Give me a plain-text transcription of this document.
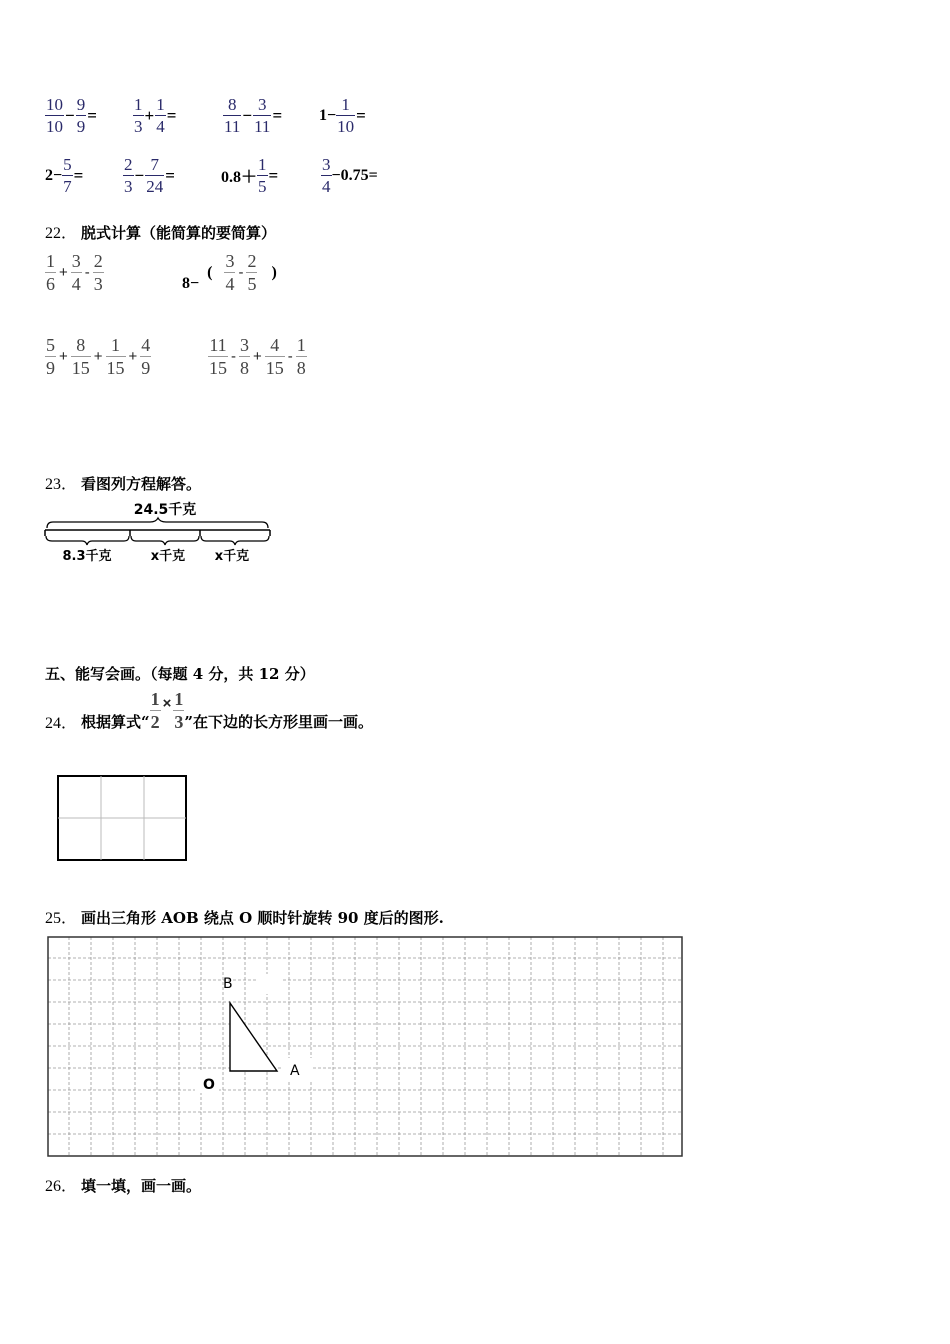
$\frac{10}{10} - \frac{9}{9} = \frac{1}{3} + \frac{1}{4}$ =	$\frac{8}{11} - \frac{3}{11} = 1- \frac{1}{10}$ =
$2- \frac{5}{7} = \frac{2}{3} - \frac{7}{24}$ =	$0.8+ \frac{1}{5}$ =	$\frac{3}{4} -0.75=$
22． 脱式计算（能简算的要简算）
$\frac{1}{6} + \frac{3}{4} - \frac{2}{3}$	8−
( $\frac{3}{4} - \frac{2}{5}$ )
$\frac{5}{9} + \frac{8}{15} + \frac{1}{15} + \frac{4}{9}$	$\frac{11}{15} - \frac{3}{8} + \frac{4}{15} - \frac{1}{8}$
23． 看图列方程解答。
24.5千克
8.3千克	x千克 x千克
五、能写会画。（每题 4 分，共 12 分）
24． 根据算式“ $\frac{1}{2} \times \frac{1}{3}$ ”在下边的长方形里画一画。
25． 画出三角形 AOB 绕点 O 顺时针旋转 90 度后的图形.
B
A
O
26． 填一填，画一画。
